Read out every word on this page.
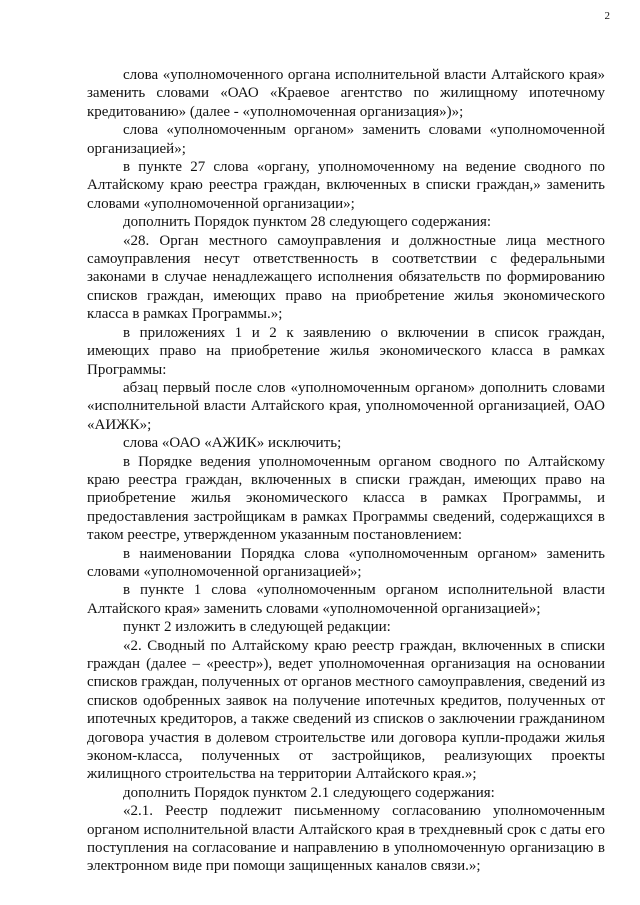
2

слова «уполномоченного органа исполнительной власти Алтайского края» заменить словами «ОАО «Краевое агентство по жилищному ипотечному кредитованию» (далее - «уполномоченная организация»)»;

слова «уполномоченным органом» заменить словами «уполномоченной организацией»;

в пункте 27 слова «органу, уполномоченному на ведение сводного по Алтайскому краю реестра граждан, включенных в списки граждан,» заменить словами «уполномоченной организации»;

дополнить Порядок пунктом 28 следующего содержания:

«28. Орган местного самоуправления и должностные лица местного самоуправления несут ответственность в соответствии с федеральными законами в случае ненадлежащего исполнения обязательств по формированию списков граждан, имеющих право на приобретение жилья экономического класса в рамках Программы.»;

в приложениях 1 и 2 к заявлению о включении в список граждан, имеющих право на приобретение жилья экономического класса в рамках Программы:

абзац первый после слов «уполномоченным органом» дополнить словами «исполнительной власти Алтайского края, уполномоченной организацией, ОАО «АИЖК»;

слова «ОАО «АЖИК» исключить;

в Порядке ведения уполномоченным органом сводного по Алтайскому краю реестра граждан, включенных в списки граждан, имеющих право на приобретение жилья экономического класса в рамках Программы, и предоставления застройщикам в рамках Программы сведений, содержащихся в таком реестре, утвержденном указанным постановлением:

в наименовании Порядка слова «уполномоченным органом» заменить словами «уполномоченной организацией»;

в пункте 1 слова «уполномоченным органом исполнительной власти Алтайского края» заменить словами «уполномоченной организацией»;

пункт 2 изложить в следующей редакции:

«2. Сводный по Алтайскому краю реестр граждан, включенных в списки граждан (далее – «реестр»), ведет уполномоченная организация на основании списков граждан, полученных от органов местного самоуправления, сведений из списков одобренных заявок на получение ипотечных кредитов, полученных от ипотечных кредиторов, а также сведений из списков о заключении гражданином договора участия в долевом строительстве или договора купли-продажи жилья эконом-класса, полученных от застройщиков, реализующих проекты жилищного строительства на территории Алтайского края.»;

дополнить Порядок пунктом 2.1 следующего содержания:

«2.1. Реестр подлежит письменному согласованию уполномоченным органом исполнительной власти Алтайского края в трехдневный срок с даты его поступления на согласование и направлению в уполномоченную организацию в электронном виде при помощи защищенных каналов связи.»;
